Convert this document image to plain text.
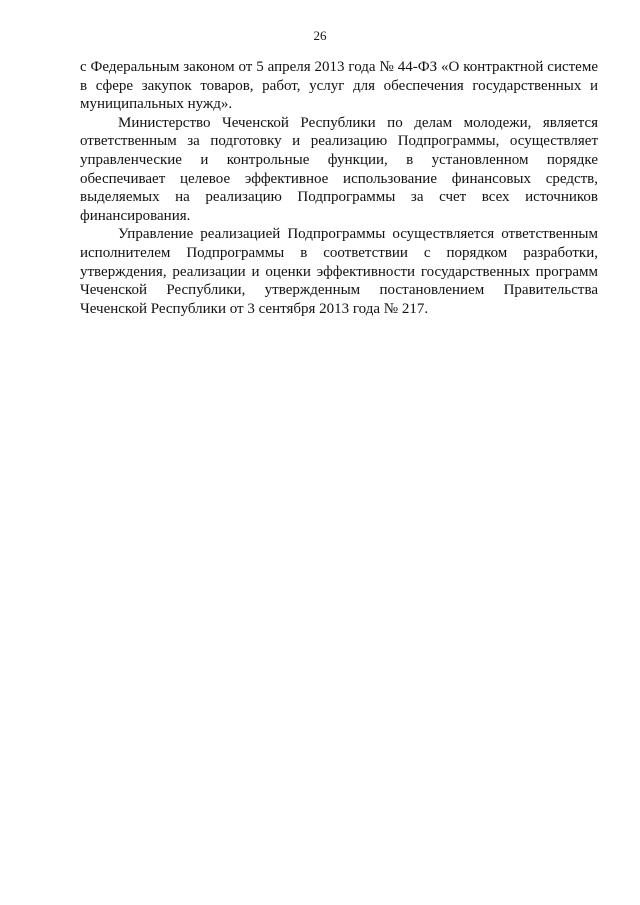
26

с Федеральным законом от 5 апреля 2013 года № 44-ФЗ «О контрактной системе в сфере закупок товаров, работ, услуг для обеспечения государственных и муниципальных нужд».

Министерство Чеченской Республики по делам молодежи, является ответственным за подготовку и реализацию Подпрограммы, осуществляет управленческие и контрольные функции, в установленном порядке обеспечивает целевое эффективное использование финансовых средств, выделяемых на реализацию Подпрограммы за счет всех источников финансирования.

Управление реализацией Подпрограммы осуществляется ответственным исполнителем Подпрограммы в соответствии с порядком разработки, утверждения, реализации и оценки эффективности государственных программ Чеченской Республики, утвержденным постановлением Правительства Чеченской Республики от 3 сентября 2013 года № 217.
